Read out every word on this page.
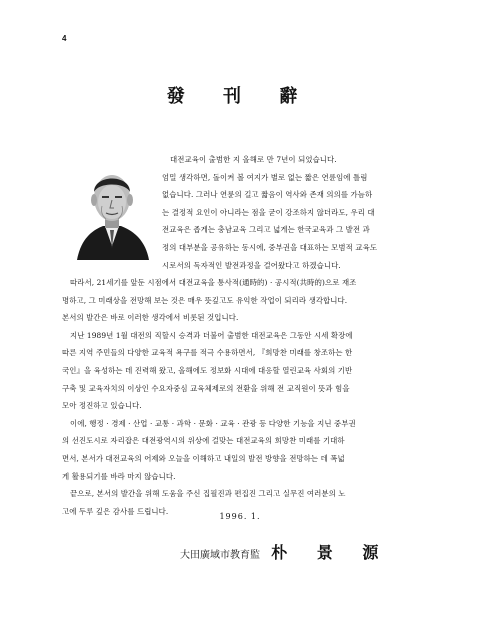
4
發 刊 辭
대전교육이 출범한 지 올해로 만 7년이 되었습니다.
엄밀 생각하면, 돌이켜 볼 여지가 별로 없는 짧은 연륜임에 틀림
없습니다. 그러나 연륜의 길고 짧음이 역사와 존재 의의를 가늠하
는 결정적 요인이 아니라는 점을 굳이 강조하지 않더라도, 우리 대
전교육은 좁게는 충남교육 그리고 넓게는 한국교육과 그 발전 과
정의 대부분을 공유하는 동시에, 중부권을 대표하는 모범적 교육도
시로서의 독자적인 발전과정을 걸어왔다고 하겠습니다.
따라서, 21세기를 앞둔 시점에서 대전교육을 통사적(通時的) · 공시적(共時的)으로 재조
명하고, 그 미래상을 전망해 보는 것은 매우 뜻깊고도 유익한 작업이 되리라 생각합니다.
본서의 발간은 바로 이러한 생각에서 비롯된 것입니다.
지난 1989년 1월 대전의 직할시 승격과 더불어 출범한 대전교육은 그동안 시세 확장에
따른 지역 주민들의 다양한 교육적 욕구를 적극 수용하면서, 『희망찬 미래를 창조하는 한
국인』을 육성하는 데 진력해 왔고, 올해에도 정보화 시대에 대응할 열린교육 사회의 기반
구축 및 교육자치의 이상인 수요자중심 교육체제로의 전환을 위해 전 교직원이 뜻과 힘을
모아 정진하고 있습니다.
이에, 행정 · 경제 · 산업 · 교통 · 과학 · 문화 · 교육 · 관광 등 다양한 기능을 지닌 중부권
의 선진도시로 자리잡은 대전광역시의 위상에 걸맞는 대전교육의 희망찬 미래를 기대하
면서, 본서가 대전교육의 어제와 오늘을 이해하고 내일의 발전 방향을 전망하는 데 폭넓
게 활용되기를 바라 마지 않습니다.
끝으로, 본서의 발간을 위해 도움을 주신 집필진과 편집진 그리고 실무진 여러분의 노
고에 두루 깊은 감사를 드립니다.
1996. 1.
大田廣域市教育監 朴 景 源
